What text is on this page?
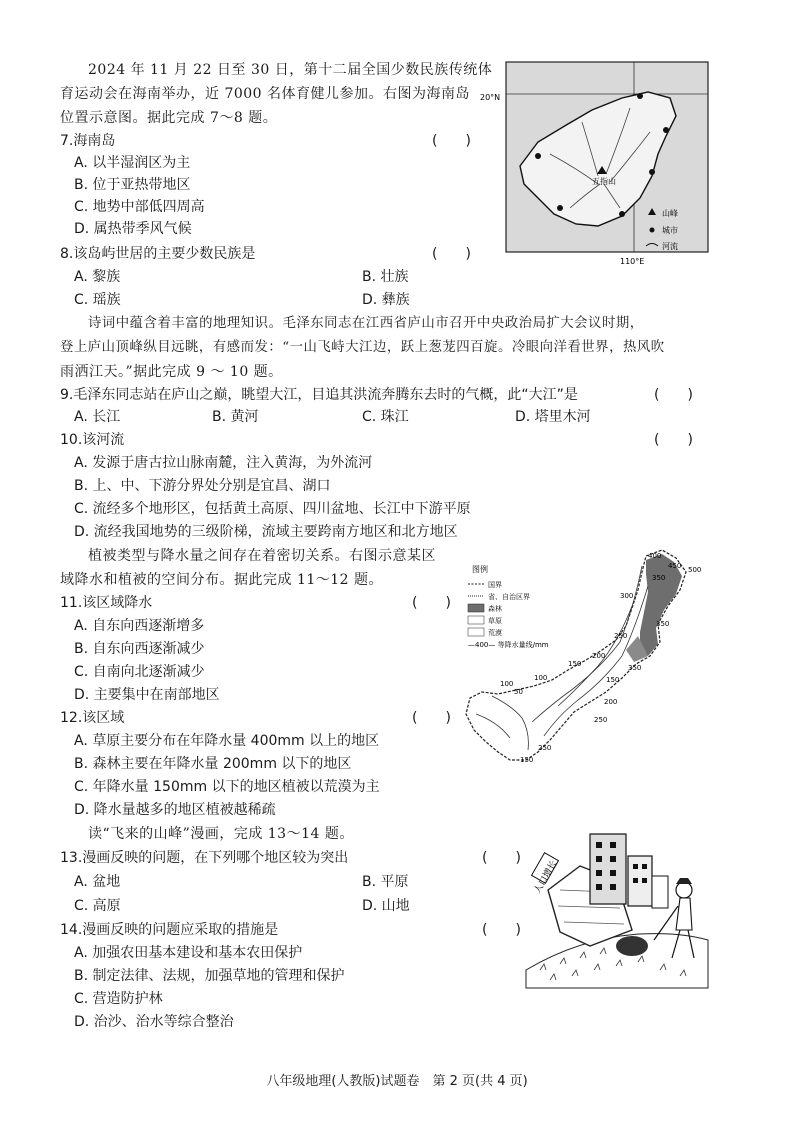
2024 年 11 月 22 日至 30 日，第十二届全国少数民族传统体
育运动会在海南举办，近 7000 名体育健儿参加。右图为海南岛
位置示意图。据此完成 7～8 题。
五指山
20°N
110°E
山峰
城市
河流
7.海南岛	(　　)
A. 以半湿润区为主
B. 位于亚热带地区
C. 地势中部低四周高
D. 属热带季风气候
8.该岛屿世居的主要少数民族是	(　　)
A. 黎族	B. 壮族
C. 瑶族	D. 彝族
诗词中蕴含着丰富的地理知识。毛泽东同志在江西省庐山市召开中央政治局扩大会议时期，
登上庐山顶峰纵目远眺，有感而发：“一山飞峙大江边，跃上葱茏四百旋。冷眼向洋看世界，热风吹
雨洒江天。”据此完成 9 ～ 10 题。
9.毛泽东同志站在庐山之巅，眺望大江，目追其洪流奔腾东去时的气概，此“大江”是	(　　)
A. 长江	B. 黄河	C. 珠江	D. 塔里木河
10.该河流	(　　)
A. 发源于唐古拉山脉南麓，注入黄海，为外流河
B. 上、中、下游分界处分别是宜昌、湖口
C. 流经多个地形区，包括黄土高原、四川盆地、长江中下游平原
D. 流经我国地势的三级阶梯，流域主要跨南方地区和北方地区
植被类型与降水量之间存在着密切关系。右图示意某区
域降水和植被的空间分布。据此完成 11～12 题。
图例
国界
省、自治区界
森林
草原
荒漠
—400— 等降水量线/mm
400
450 500
350
300
250
200
150
100
50
100	150
200
250
350
350
250
150
11.该区域降水	(　　)
A. 自东向西逐渐增多
B. 自东向西逐渐减少
C. 自南向北逐渐减少
D. 主要集中在南部地区
12.该区域	(　　)
A. 草原主要分布在年降水量 400mm 以上的地区
B. 森林主要在年降水量 200mm 以下的地区
C. 年降水量 150mm 以下的地区植被以荒漠为主
D. 降水量越多的地区植被越稀疏
读“飞来的山峰”漫画，完成 13～14 题。
人口增长
13.漫画反映的问题，在下列哪个地区较为突出	(　　)
A. 盆地	B. 平原
C. 高原	D. 山地
14.漫画反映的问题应采取的措施是	(　　)
A. 加强农田基本建设和基本农田保护
B. 制定法律、法规，加强草地的管理和保护
C. 营造防护林
D. 治沙、治水等综合整治
八年级地理(人教版)试题卷　第 2 页(共 4 页)
